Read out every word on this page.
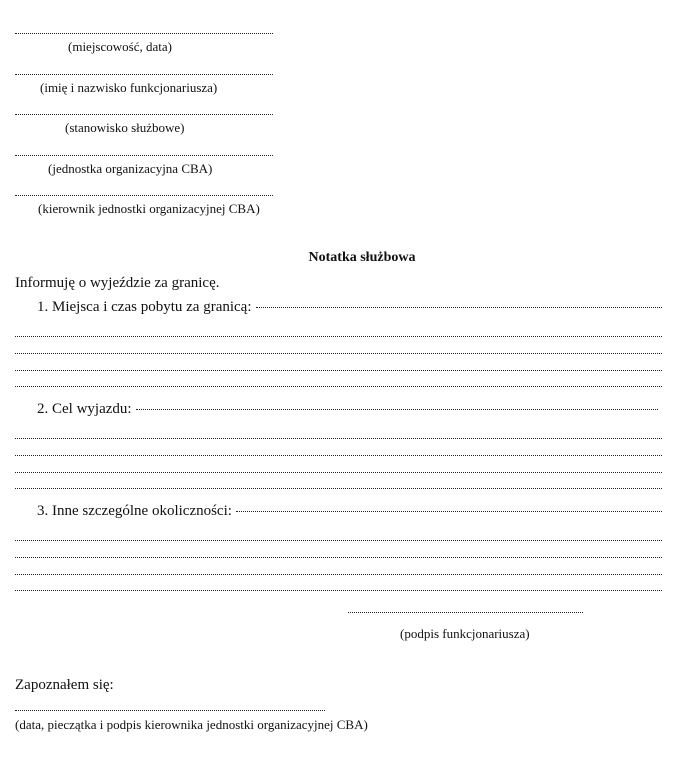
(miejscowość, data)
(imię i nazwisko funkcjonariusza)
(stanowisko służbowe)
(jednostka organizacyjna CBA)
(kierownik jednostki organizacyjnej CBA)
Notatka służbowa
Informuję o wyjeździe za granicę.
1. Miejsca i czas pobytu za granicą:
2. Cel wyjazdu:
3. Inne szczególne okoliczności:
(podpis funkcjonariusza)
Zapoznałem się:
(data, pieczątka i podpis kierownika jednostki organizacyjnej CBA)
